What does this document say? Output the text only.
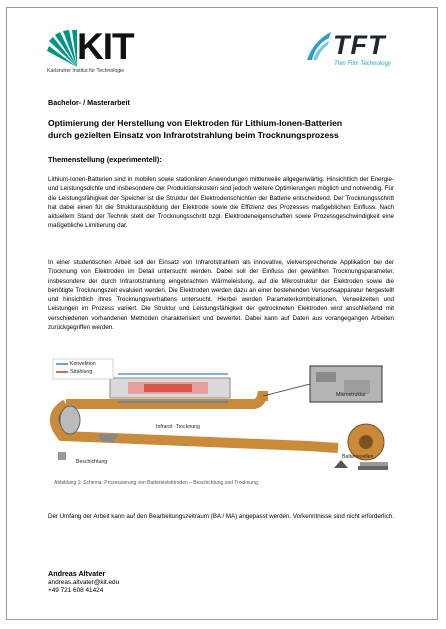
KIT
Karlsruher Institut für Technologie
TFT
Thin Film Technology
Bachelor- / Masterarbeit
Optimierung der Herstellung von Elektroden für Lithium-Ionen-Batterien
durch gezielten Einsatz von Infrarotstrahlung beim Trocknungsprozess
Themenstellung (experimentell):
Lithium-Ionen-Batterien sind in mobilen sowie stationären Anwendungen mittlerweile allgegenwärtig. Hinsichtlich der Energie- und Leistungsdichte und insbesondere der Produktionskosten sind jedoch weitere Optimierungen möglich und notwendig. Für die Leistungsfähigkeit der Speicher ist die Struktur der Elektrodenschichten der Batterie entscheidend. Der Trocknungsschritt hat dabei einen für die Strukturausbildung der Elektrode sowie die Effizienz des Prozesses maßgeblichen Einfluss. Nach aktuellem Stand der Technik stellt der Trocknungsschritt bzgl. Elektrodeneigenschaften sowie Prozessgeschwindigkeit eine maßgebliche Limitierung dar.
In einer studentischen Arbeit soll der Einsatz von Infrarotstrahlern als innovative, vielversprechende Applikation bei der Trocknung von Elektroden im Detail untersucht werden. Dabei soll der Einfluss der gewählten Trocknungsparameter, insbesondere der durch Infrarotstrahlung eingebrachten Wärmeleistung, auf die Mikrostruktur der Elektroden sowie die benötigte Trocknungszeit evaluiert werden. Die Elektroden werden dazu an einer bestehenden Versuchsapparatur hergestellt und hinsichtlich ihres Trocknungsverhaltens untersucht. Hierbei werden Parameterkombinationen, Verweilzeiten und Leistungen im Prozess variiert. Die Struktur und Leistungsfähigkeit der getrockneten Elektroden wird anschließend mit verschiedenen vorhandenen Methoden charakterisiert und bewertet. Dabei kann auf Daten aus vorangegangen Arbeiten zurückgegriffen werden.
Konvektion
Strahlung
Beschichtung
Infrarot -Trocknung
Mikrostruktur
Batteriezellen
Abbildung 1: Schema: Prozessierung von Batterieelektroden – Beschichtung und Trocknung.
Der Umfang der Arbeit kann auf den Bearbeitungszeitraum (BA / MA) angepasst werden. Vorkenntnisse sind nicht erforderlich.
Andreas Altvater
andreas.altvater@kit.edu
+49 721 608 41424
